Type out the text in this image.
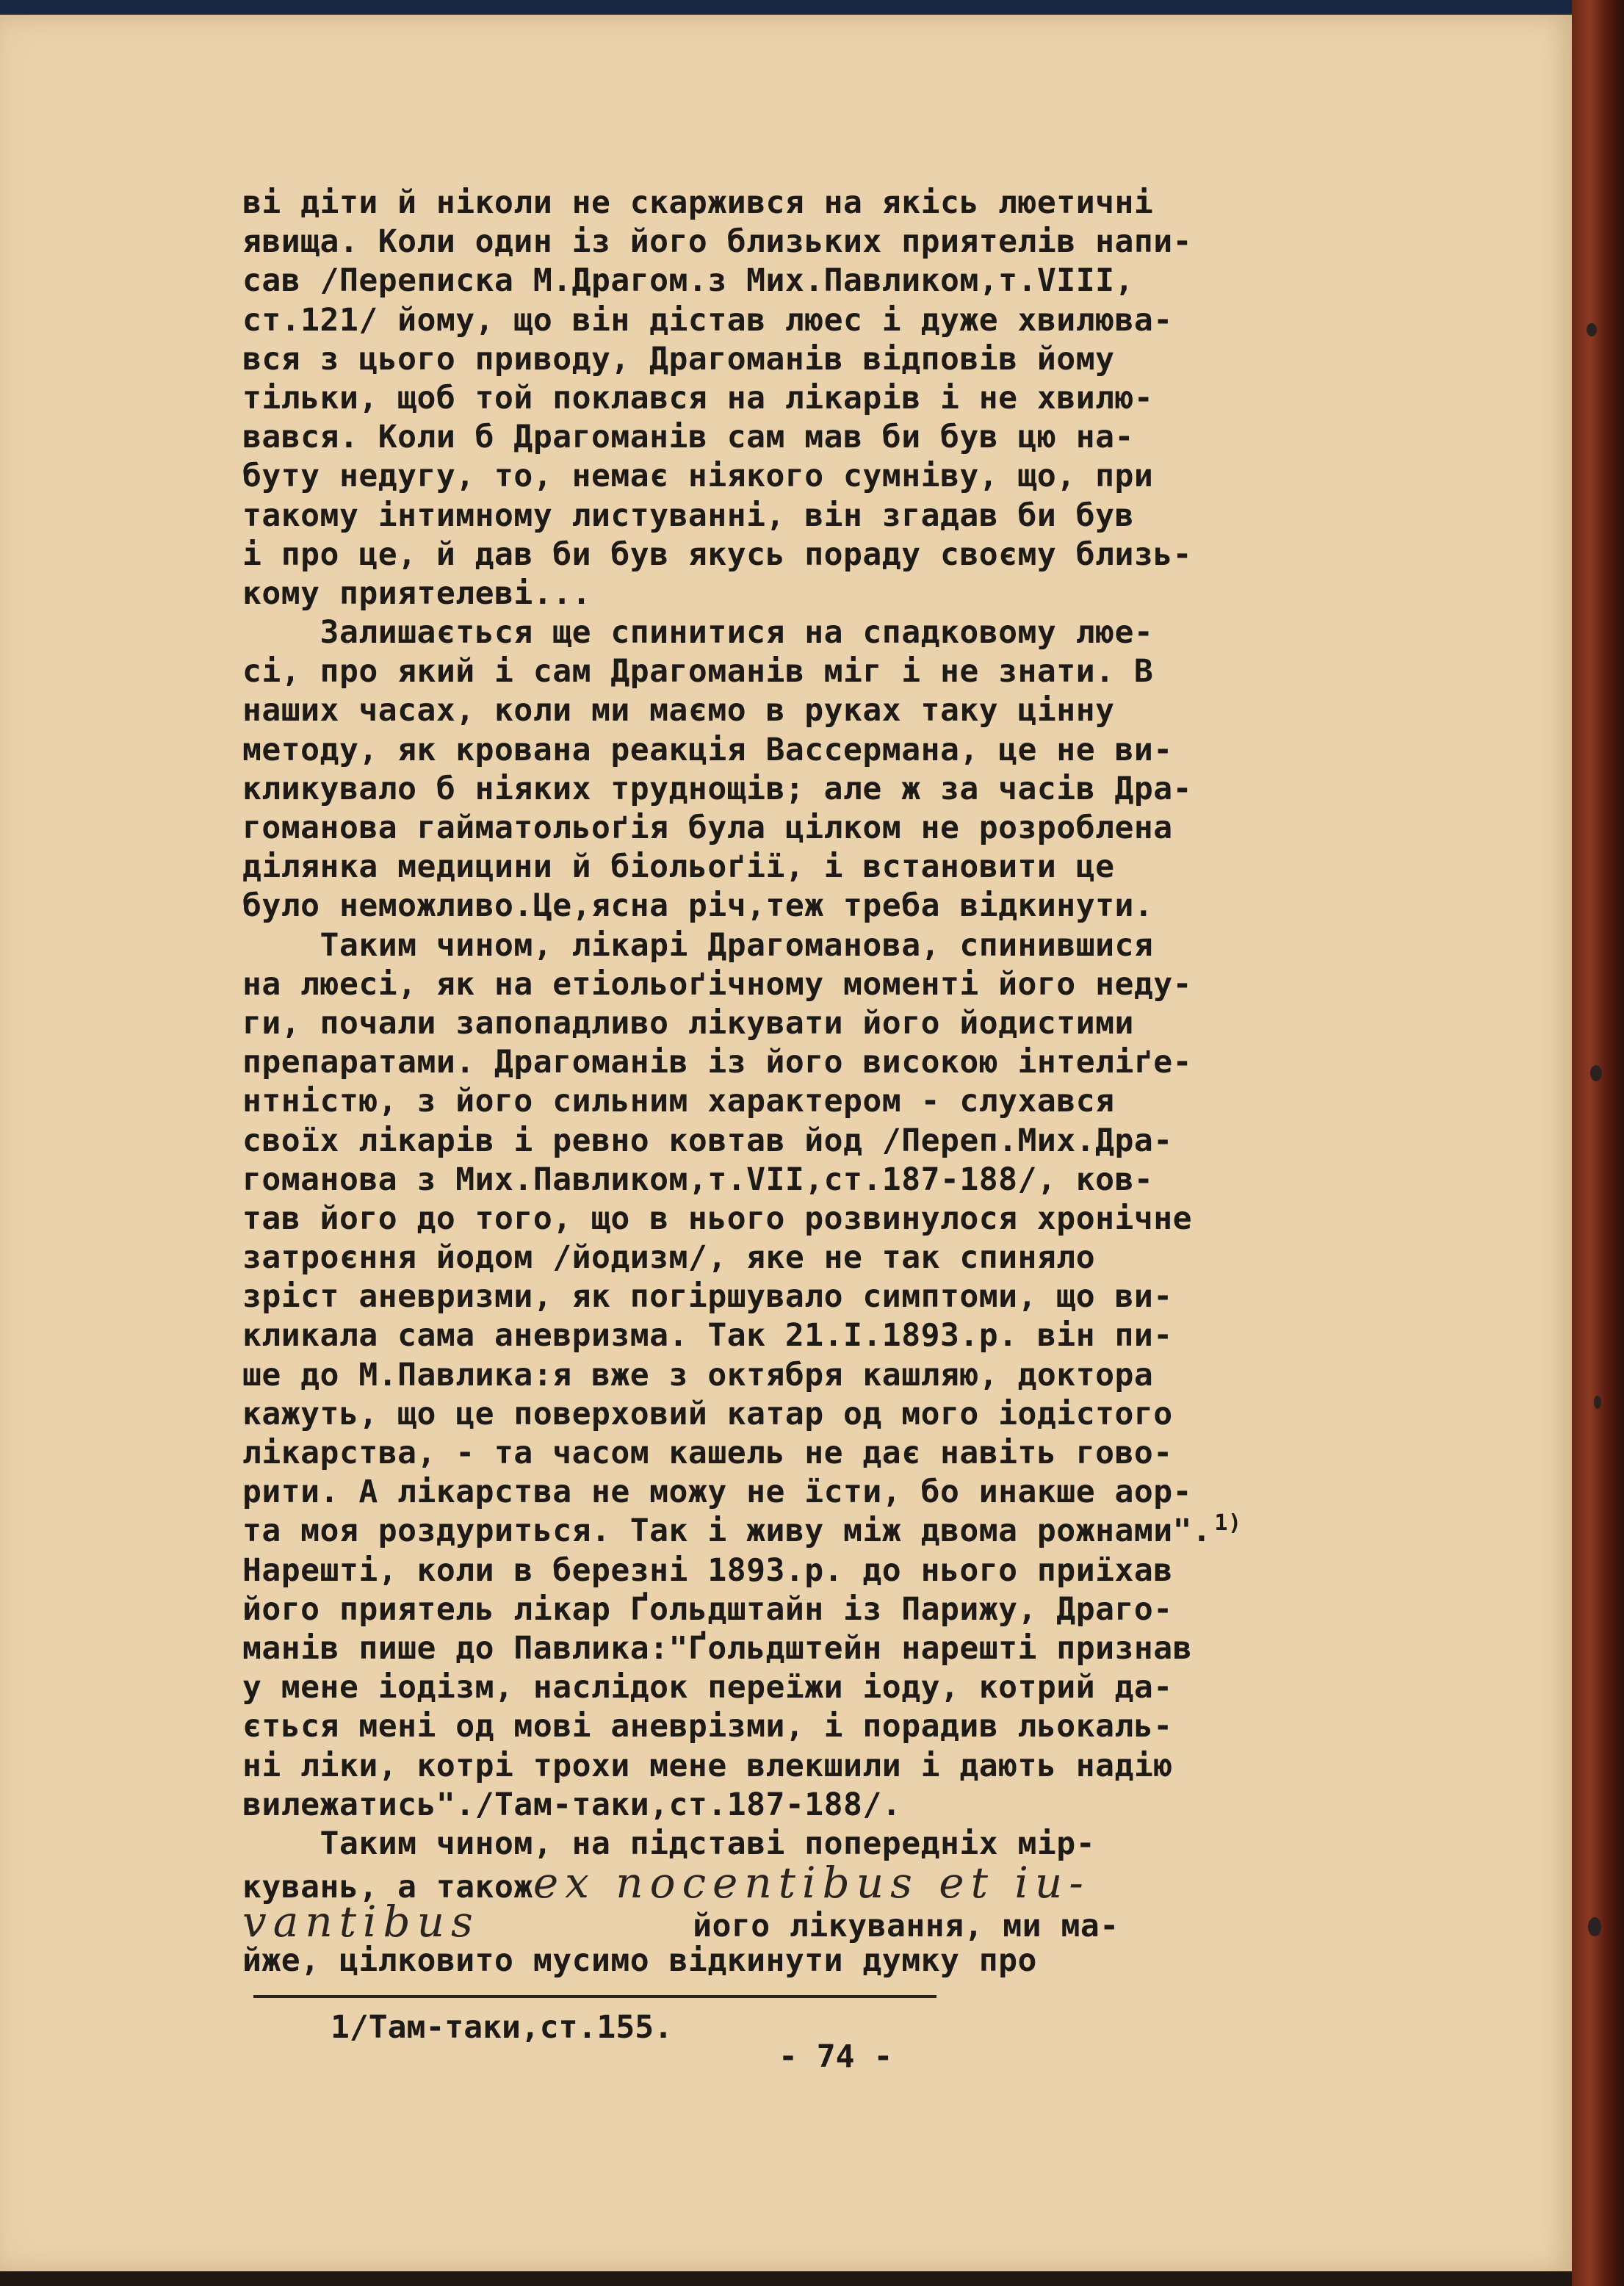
ві діти й ніколи не скаржився на якісь люетичні
явища. Коли один із його близьких приятелів напи-
сав /Переписка М.Драгом.з Мих.Павликом,т.VIII,
ст.121/ йому, що він дістав люес і дуже хвилюва-
вся з цього приводу, Драгоманів відповів йому
тільки, щоб той поклався на лікарів і не хвилю-
вався. Коли б Драгоманів сам мав би був цю на-
буту недугу, то, немає ніякого сумніву, що, при
такому інтимному листуванні, він згадав би був
і про це, й дав би був якусь пораду своєму близь-
кому приятелеві...
Залишається ще спинитися на спадковому люе-
сі, про який і сам Драгоманів міг і не знати. В
наших часах, коли ми маємо в руках таку цінну
методу, як крована реакція Вассермана, це не ви-
кликувало б ніяких труднощів; але ж за часів Дра-
гоманова гайматольоґія була цілком не розроблена
ділянка медицини й біольоґії, і встановити це
було неможливо.Це,ясна річ,теж треба відкинути.
Таким чином, лікарі Драгоманова, спинившися
на люесі, як на етіольоґічному моменті його неду-
ги, почали запопадливо лікувати його йодистими
препаратами. Драгоманів із його високою інтеліґе-
нтністю, з його сильним характером - слухався
своїх лікарів і ревно ковтав йод /Переп.Мих.Дра-
гоманова з Мих.Павликом,т.VII,ст.187-188/, ков-
тав його до того, що в нього розвинулося хронічне
затроєння йодом /йодизм/, яке не так спиняло
зріст аневризми, як погіршувало симптоми, що ви-
кликала сама аневризма. Так 21.I.1893.р. він пи-
ше до М.Павлика:я вже з октября кашляю, доктора
кажуть, що це поверховий катар од мого іодістого
лікарства, - та часом кашель не дає навіть гово-
рити. А лікарства не можу не їсти, бо инакше аор-
та моя роздуриться. Так і живу між двома рожнами". $^{1)}$
Нарешті, коли в березні 1893.р. до нього приїхав
його приятель лікар Ґольдштайн із Парижу, Драго-
манів пише до Павлика:"Ґольдштейн нарешті признав
у мене іодізм, наслідок переїжи іоду, котрий да-
ється мені од мові аневрізми, і порадив льокаль-
ні ліки, котрі трохи мене влекшили і дають надію
вилежатись"./Там-таки,ст.187-188/.
Таким чином, на підставі попередніх мір-
кувань, а такожex nocentibus et iu-
vantibus           його лікування, ми ма-
йже, цілковито мусимо відкинути думку про
1/Там-таки,ст.155.
- 74 -
